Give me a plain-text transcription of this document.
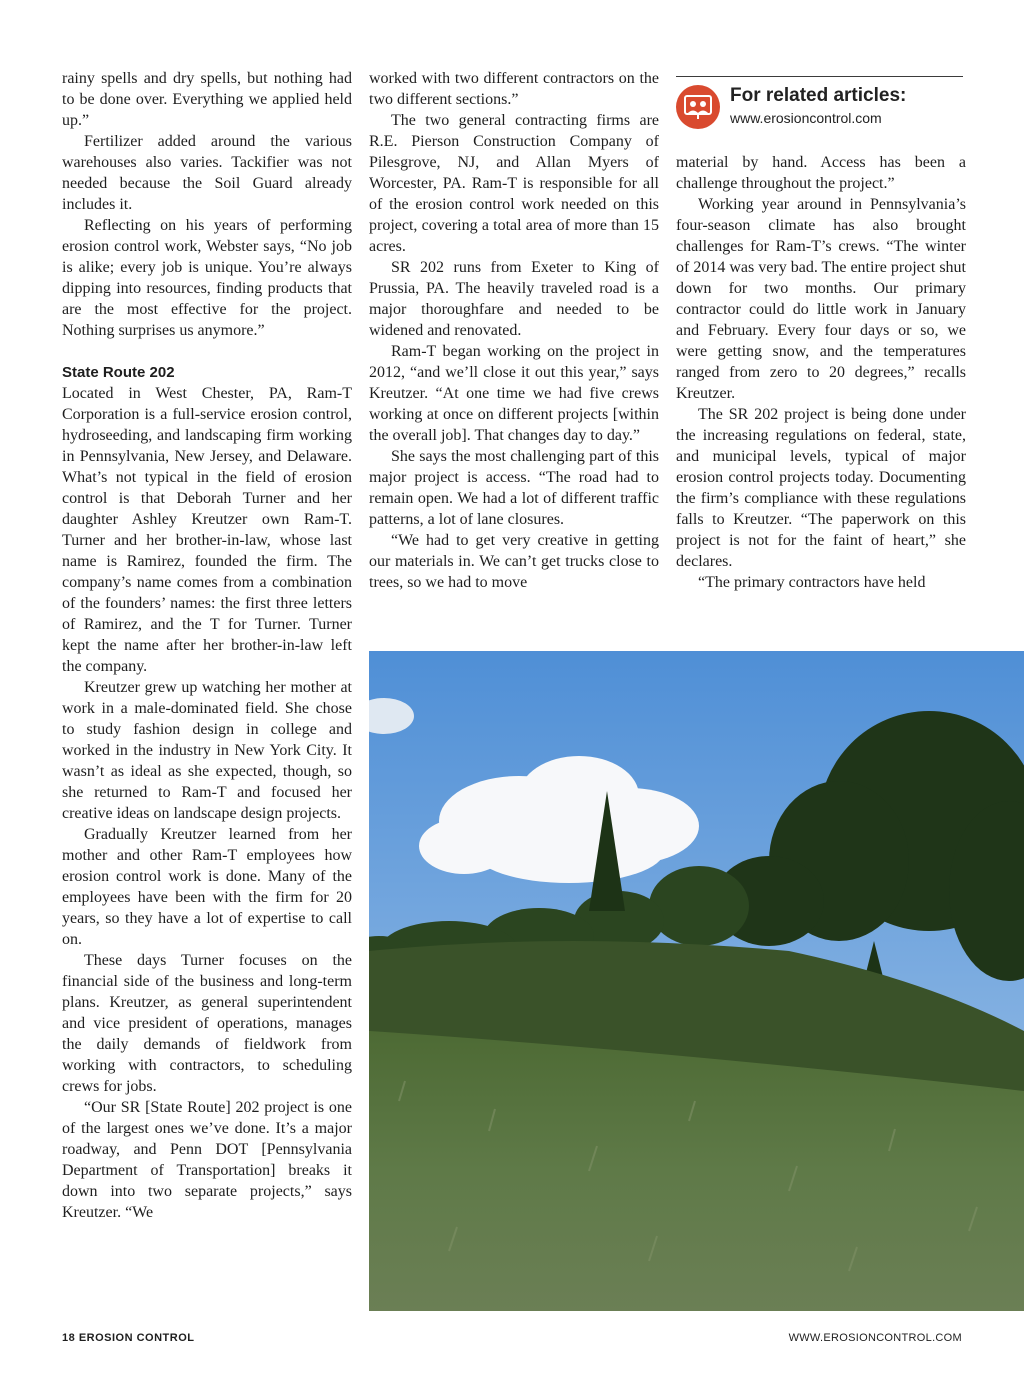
rainy spells and dry spells, but nothing had to be done over. Everything we applied held up.”

Fertilizer added around the various warehouses also varies. Tackifier was not needed because the Soil Guard already includes it.

Reflecting on his years of performing erosion control work, Webster says, “No job is alike; every job is unique. You’re always dipping into resources, finding products that are the most effective for the project. Nothing surprises us anymore.”

State Route 202

Located in West Chester, PA, Ram-T Corporation is a full-service erosion control, hydroseeding, and landscaping firm working in Pennsylvania, New Jersey, and Delaware. What’s not typical in the field of erosion control is that Deborah Turner and her daughter Ashley Kreutzer own Ram-T. Turner and her brother-in-law, whose last name is Ramirez, founded the firm. The company’s name comes from a combination of the founders’ names: the first three letters of Ramirez, and the T for Turner. Turner kept the name after her brother-in-law left the company.

Kreutzer grew up watching her mother at work in a male-dominated field. She chose to study fashion design in college and worked in the industry in New York City. It wasn’t as ideal as she expected, though, so she returned to Ram-T and focused her creative ideas on landscape design projects.

Gradually Kreutzer learned from her mother and other Ram-T employees how erosion control work is done. Many of the employees have been with the firm for 20 years, so they have a lot of expertise to call on.

These days Turner focuses on the financial side of the business and long-term plans. Kreutzer, as general superintendent and vice president of operations, manages the daily demands of fieldwork from working with contractors, to scheduling crews for jobs.

“Our SR [State Route] 202 project is one of the largest ones we’ve done. It’s a major roadway, and Penn DOT [Pennsylvania Department of Transportation] breaks it down into two separate projects,” says Kreutzer. “We

worked with two different contractors on the two different sections.”

The two general contracting firms are R.E. Pierson Construction Company of Pilesgrove, NJ, and Allan Myers of Worcester, PA. Ram-T is responsible for all of the erosion control work needed on this project, covering a total area of more than 15 acres.

SR 202 runs from Exeter to King of Prussia, PA. The heavily traveled road is a major thoroughfare and needed to be widened and renovated.

Ram-T began working on the project in 2012, “and we’ll close it out this year,” says Kreutzer. “At one time we had five crews working at once on different projects [within the overall job]. That changes day to day.”

She says the most challenging part of this major project is access. “The road had to remain open. We had a lot of different traffic patterns, a lot of lane closures.

“We had to get very creative in getting our materials in. We can’t get trucks close to trees, so we had to move

For related articles:
www.erosioncontrol.com

material by hand. Access has been a challenge throughout the project.”

Working year around in Pennsylvania’s four-season climate has also brought challenges for Ram-T’s crews. “The winter of 2014 was very bad. The entire project shut down for two months. Our primary contractor could do little work in January and February. Every four days or so, we were getting snow, and the temperatures ranged from zero to 20 degrees,” recalls Kreutzer.

The SR 202 project is being done under the increasing regulations on federal, state, and municipal levels, typical of major erosion control projects today. Documenting the firm’s compliance with these regulations falls to Kreutzer. “The paperwork on this project is not for the faint of heart,” she declares.

“The primary contractors have held

18 EROSION CONTROL	WWW.EROSIONCONTROL.COM
